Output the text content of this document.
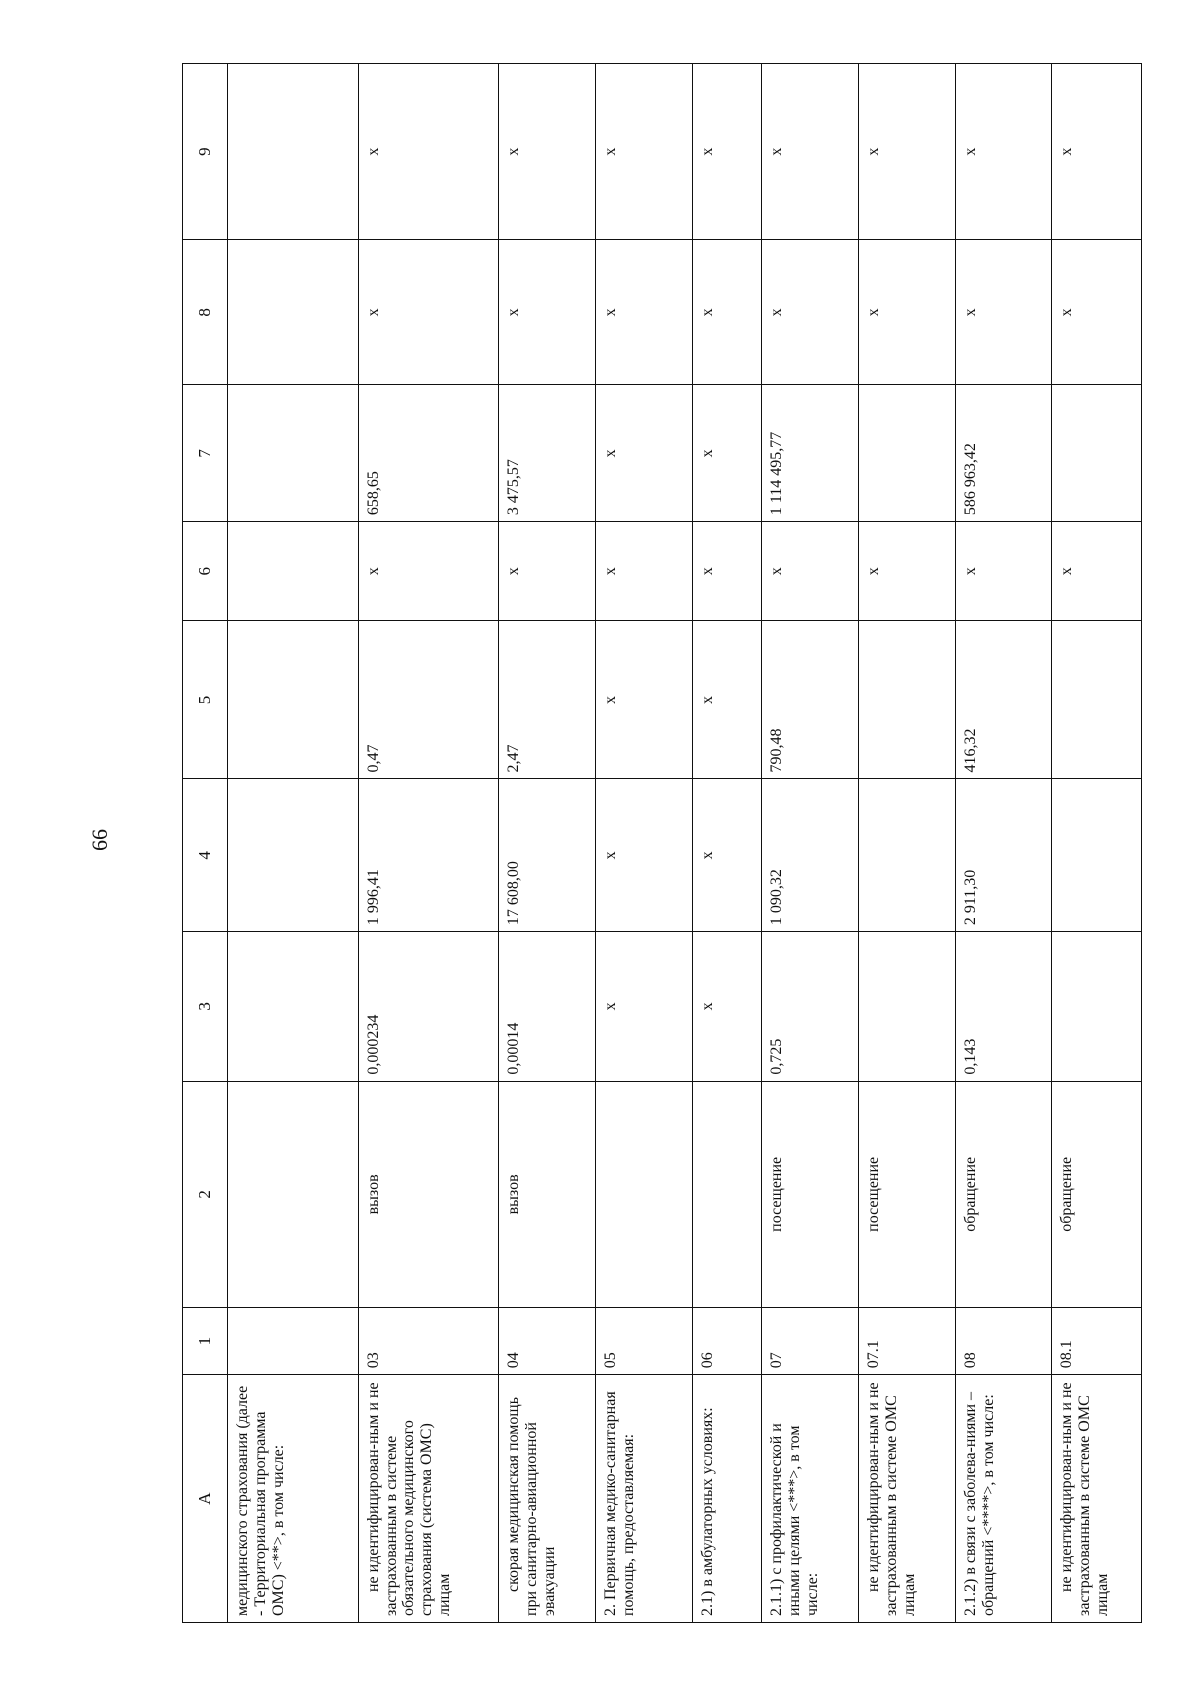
66
A	1	2	3	4	5	6	7	8	9
медицинского страхования (далее - Территориальная программа ОМС) <**>, в том числе:									
не идентифицирован-ным и не застрахованным в системе обязательного медицинского страхования (система ОМС) лицам	03	вызов	0,000234	1 996,41	0,47	х	658,65	х	х
скорая медицинская помощь при санитарно-авиационной эвакуации	04	вызов	0,00014	17 608,00	2,47	х	3 475,57	х	х
2. Первичная медико-санитарная помощь, предоставляемая:	05		х	х	х	х	х	х	х
2.1) в амбулаторных условиях:	06		х	х	х	х	х	х	х
2.1.1) с профилактической и иными целями <***>, в том числе:	07	посещение	0,725	1 090,32	790,48	х	1 114 495,77	х	х
не идентифицирован-ным и не застрахованным в системе ОМС лицам	07.1	посещение				х		х	х
2.1.2) в связи с заболева-ниями – обращений <****>, в том числе:	08	обращение	0,143	2 911,30	416,32	х	586 963,42	х	х
не идентифицирован-ным и не застрахованным в системе ОМС лицам	08.1	обращение				х		х	х
